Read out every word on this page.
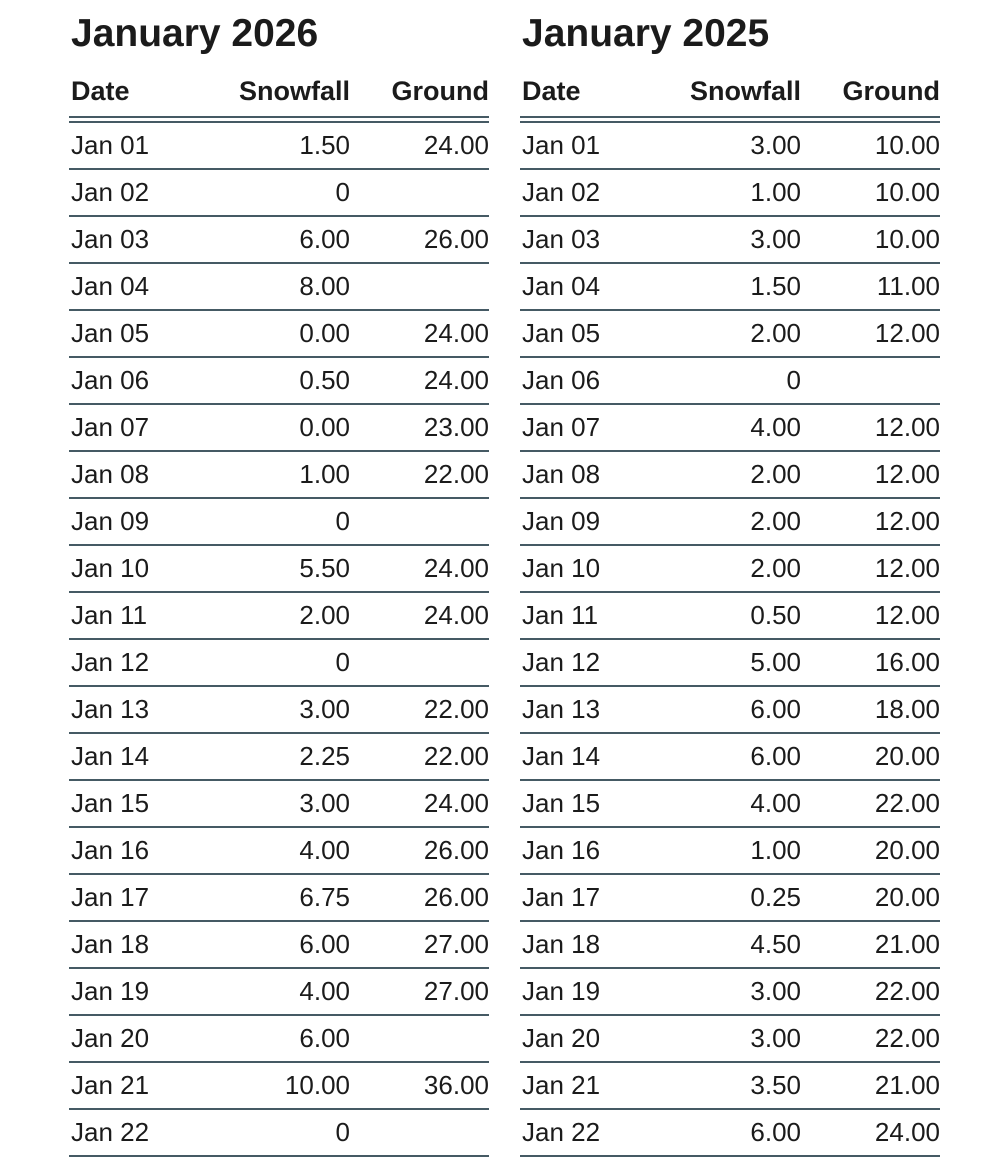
January 2026
Date	Snowfall	Ground
Jan 01	1.50	24.00
Jan 02	0	
Jan 03	6.00	26.00
Jan 04	8.00	
Jan 05	0.00	24.00
Jan 06	0.50	24.00
Jan 07	0.00	23.00
Jan 08	1.00	22.00
Jan 09	0	
Jan 10	5.50	24.00
Jan 11	2.00	24.00
Jan 12	0	
Jan 13	3.00	22.00
Jan 14	2.25	22.00
Jan 15	3.00	24.00
Jan 16	4.00	26.00
Jan 17	6.75	26.00
Jan 18	6.00	27.00
Jan 19	4.00	27.00
Jan 20	6.00	
Jan 21	10.00	36.00
Jan 22	0	
January 2025
Date	Snowfall	Ground
Jan 01	3.00	10.00
Jan 02	1.00	10.00
Jan 03	3.00	10.00
Jan 04	1.50	11.00
Jan 05	2.00	12.00
Jan 06	0	
Jan 07	4.00	12.00
Jan 08	2.00	12.00
Jan 09	2.00	12.00
Jan 10	2.00	12.00
Jan 11	0.50	12.00
Jan 12	5.00	16.00
Jan 13	6.00	18.00
Jan 14	6.00	20.00
Jan 15	4.00	22.00
Jan 16	1.00	20.00
Jan 17	0.25	20.00
Jan 18	4.50	21.00
Jan 19	3.00	22.00
Jan 20	3.00	22.00
Jan 21	3.50	21.00
Jan 22	6.00	24.00
